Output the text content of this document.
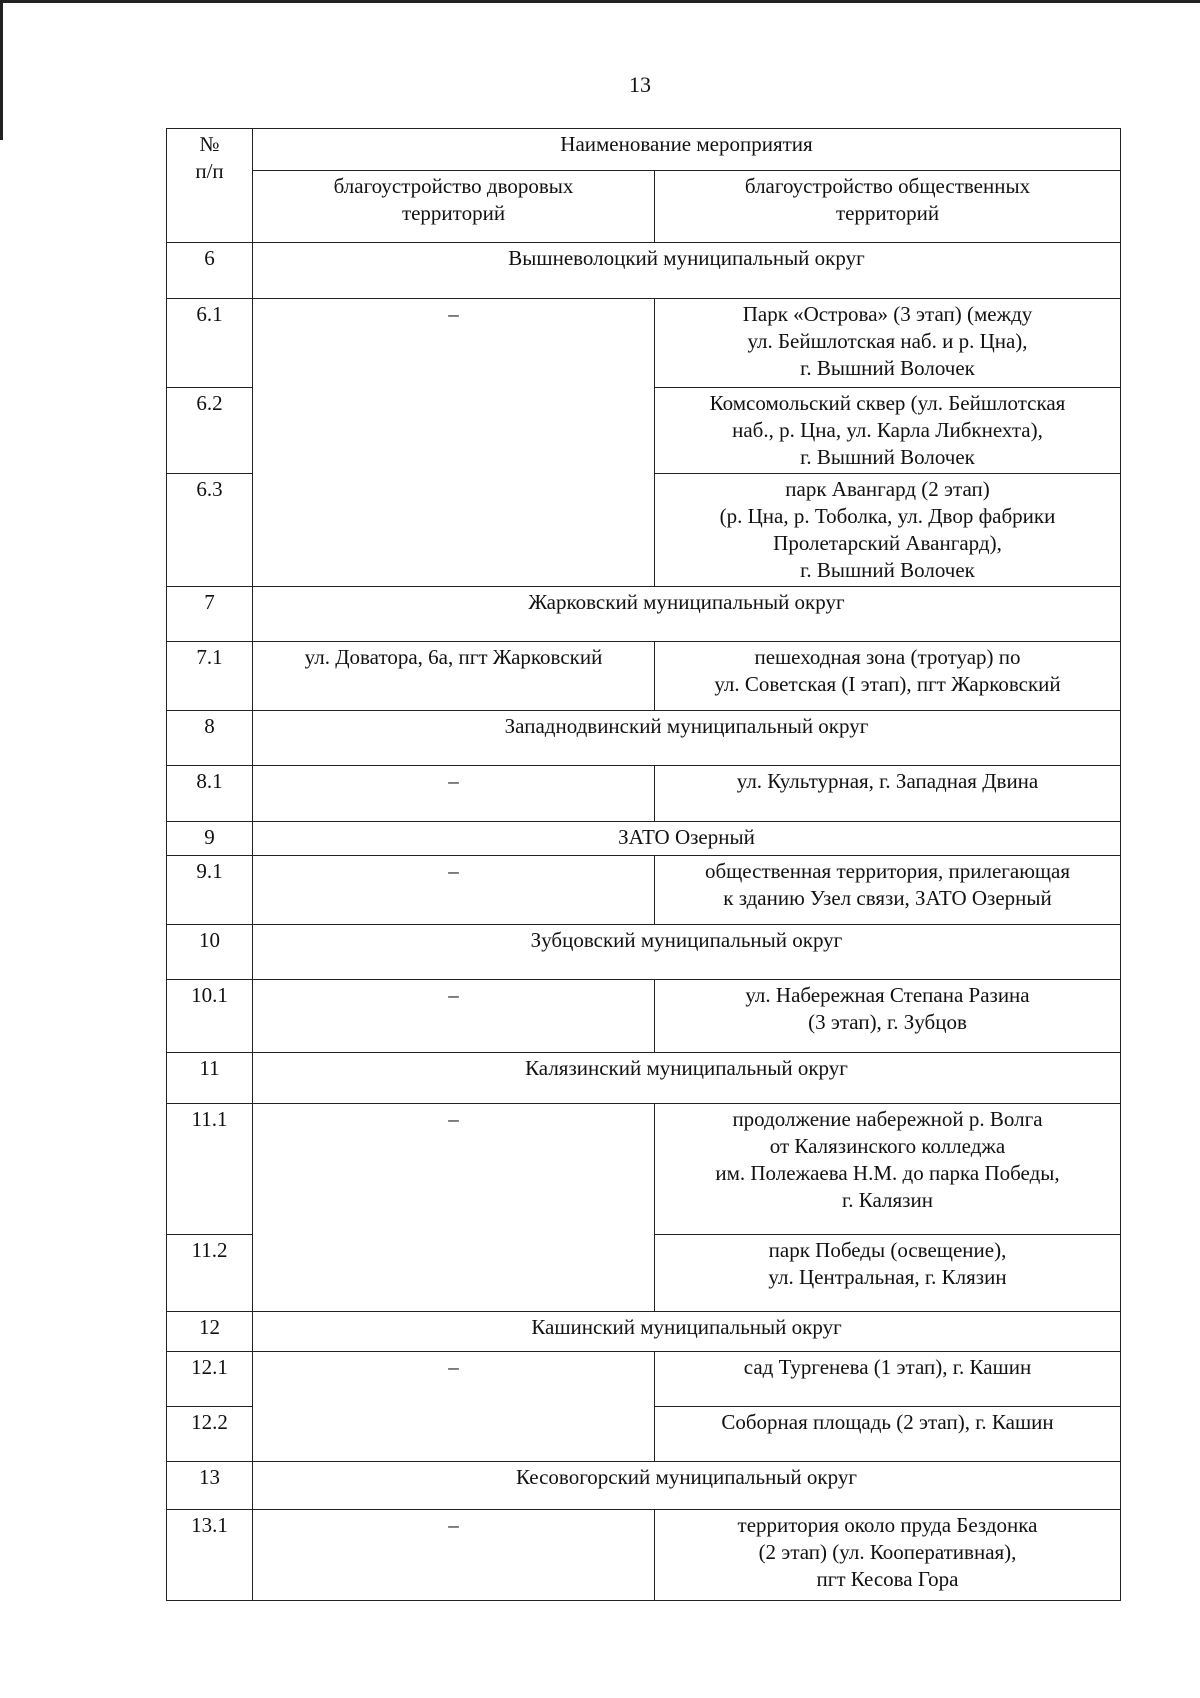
13
№
п/п	Наименование мероприятия	
	благоустройство дворовых
территорий	благоустройство общественных
территорий
6	Вышневолоцкий муниципальный округ	
6.1	–	Парк «Острова» (3 этап) (между
ул. Бейшлотская наб. и р. Цна),
г. Вышний Волочек
6.2		Комсомольский сквер (ул. Бейшлотская
наб., р. Цна, ул. Карла Либкнехта),
г. Вышний Волочек
6.3		парк Авангард (2 этап)
(р. Цна, р. Тоболка, ул. Двор фабрики
Пролетарский Авангард),
г. Вышний Волочек
7	Жарковский муниципальный округ	
7.1	ул. Доватора, 6а, пгт Жарковский	пешеходная зона (тротуар) по
ул. Советская (I этап), пгт Жарковский
8	Западнодвинский муниципальный округ	
8.1	–	ул. Культурная, г. Западная Двина
9	ЗАТО Озерный	
9.1	–	общественная территория, прилегающая
к зданию Узел связи, ЗАТО Озерный
10	Зубцовский муниципальный округ	
10.1	–	ул. Набережная Степана Разина
(3 этап), г. Зубцов
11	Калязинский муниципальный округ	
11.1	–	продолжение набережной р. Волга
от Калязинского колледжа
им. Полежаева Н.М. до парка Победы,
г. Калязин
11.2		парк Победы (освещение),
ул. Центральная, г. Клязин
12	Кашинский муниципальный округ	
12.1	–	сад Тургенева (1 этап), г. Кашин
12.2		Соборная площадь (2 этап), г. Кашин
13	Кесовогорский муниципальный округ	
13.1	–	территория около пруда Бездонка
(2 этап) (ул. Кооперативная),
пгт Кесова Гора
